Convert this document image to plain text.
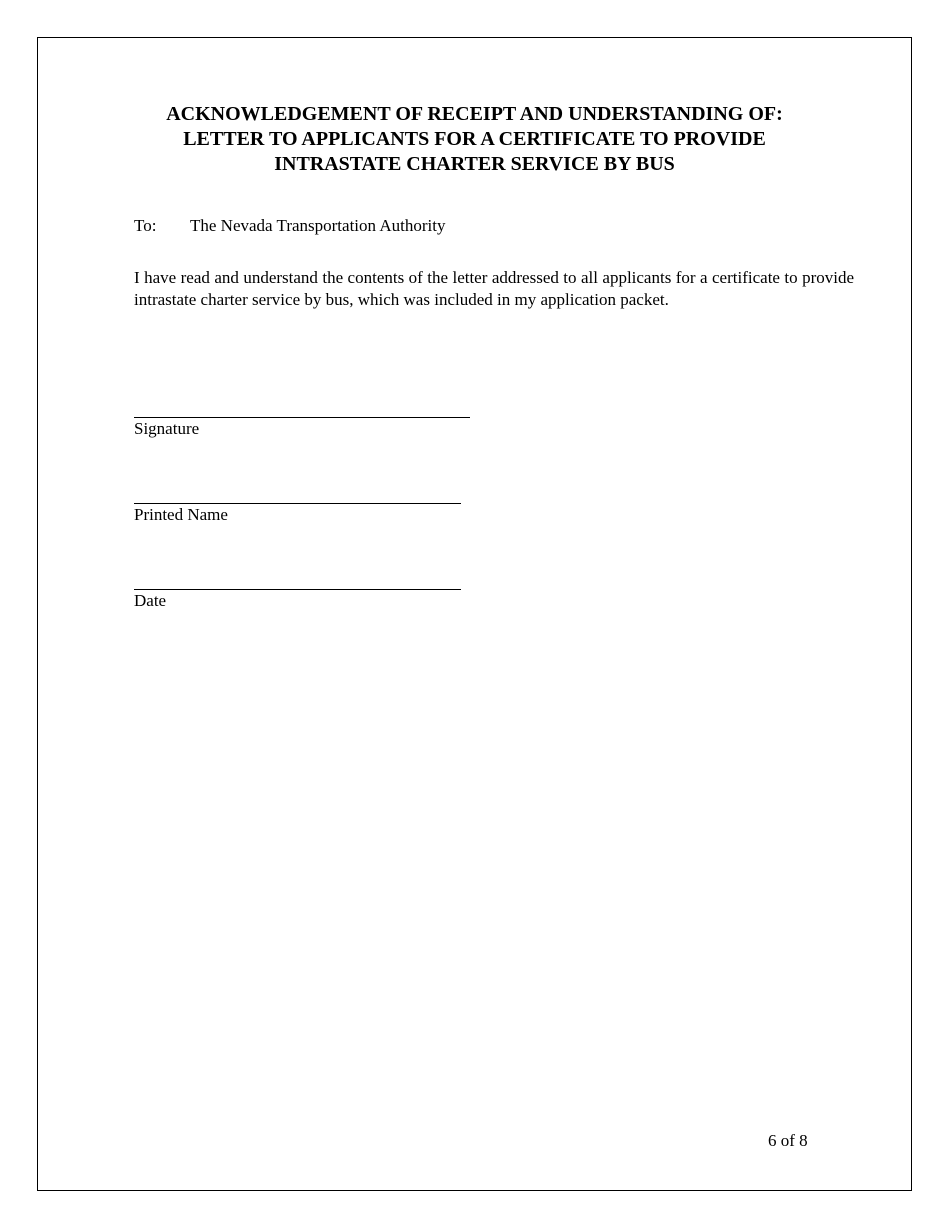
ACKNOWLEDGEMENT OF RECEIPT AND UNDERSTANDING OF:
LETTER TO APPLICANTS FOR A CERTIFICATE TO PROVIDE
INTRASTATE CHARTER SERVICE BY BUS
To: The Nevada Transportation Authority
I have read and understand the contents of the letter addressed to all applicants for a certificate to provide intrastate charter service by bus, which was included in my application packet.
Signature
Printed Name
Date
6 of 8
